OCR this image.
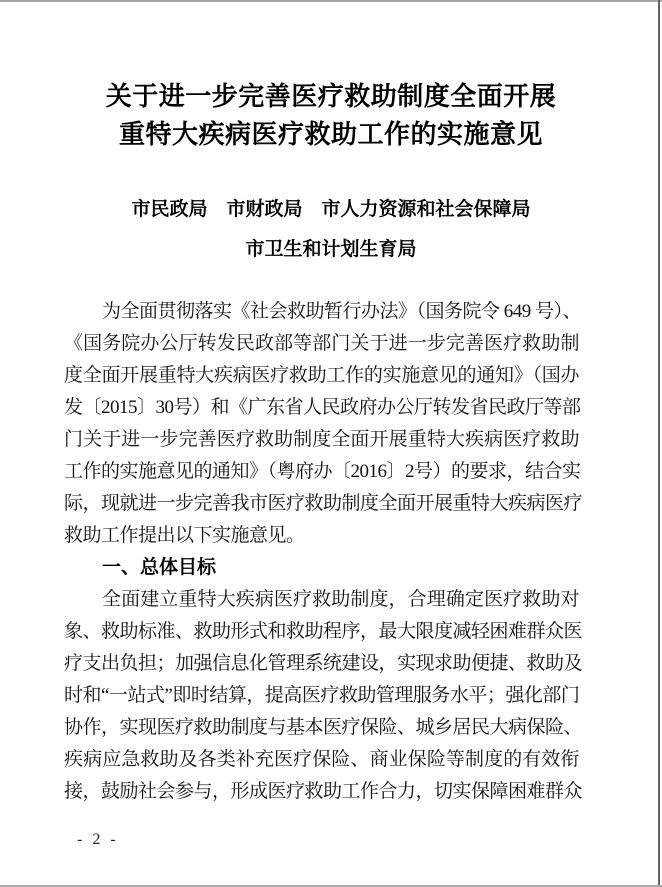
关于进一步完善医疗救助制度全面开展
重特大疾病医疗救助工作的实施意见
市民政局　市财政局　市人力资源和社会保障局
市卫生和计划生育局
为全面贯彻落实《社会救助暂行办法》（国务院令 649 号）、
《国务院办公厅转发民政部等部门关于进一步完善医疗救助制
度全面开展重特大疾病医疗救助工作的实施意见的通知》（国办
发〔2015〕30号）和《广东省人民政府办公厅转发省民政厅等部
门关于进一步完善医疗救助制度全面开展重特大疾病医疗救助
工作的实施意见的通知》（粤府办〔2016〕2号）的要求，结合实
际，现就进一步完善我市医疗救助制度全面开展重特大疾病医疗
救助工作提出以下实施意见。
一、总体目标
全面建立重特大疾病医疗救助制度，合理确定医疗救助对
象、救助标准、救助形式和救助程序，最大限度减轻困难群众医
疗支出负担；加强信息化管理系统建设，实现求助便捷、救助及
时和“一站式”即时结算，提高医疗救助管理服务水平；强化部门
协作，实现医疗救助制度与基本医疗保险、城乡居民大病保险、
疾病应急救助及各类补充医疗保险、商业保险等制度的有效衔
接，鼓励社会参与，形成医疗救助工作合力，切实保障困难群众
- 2 -
